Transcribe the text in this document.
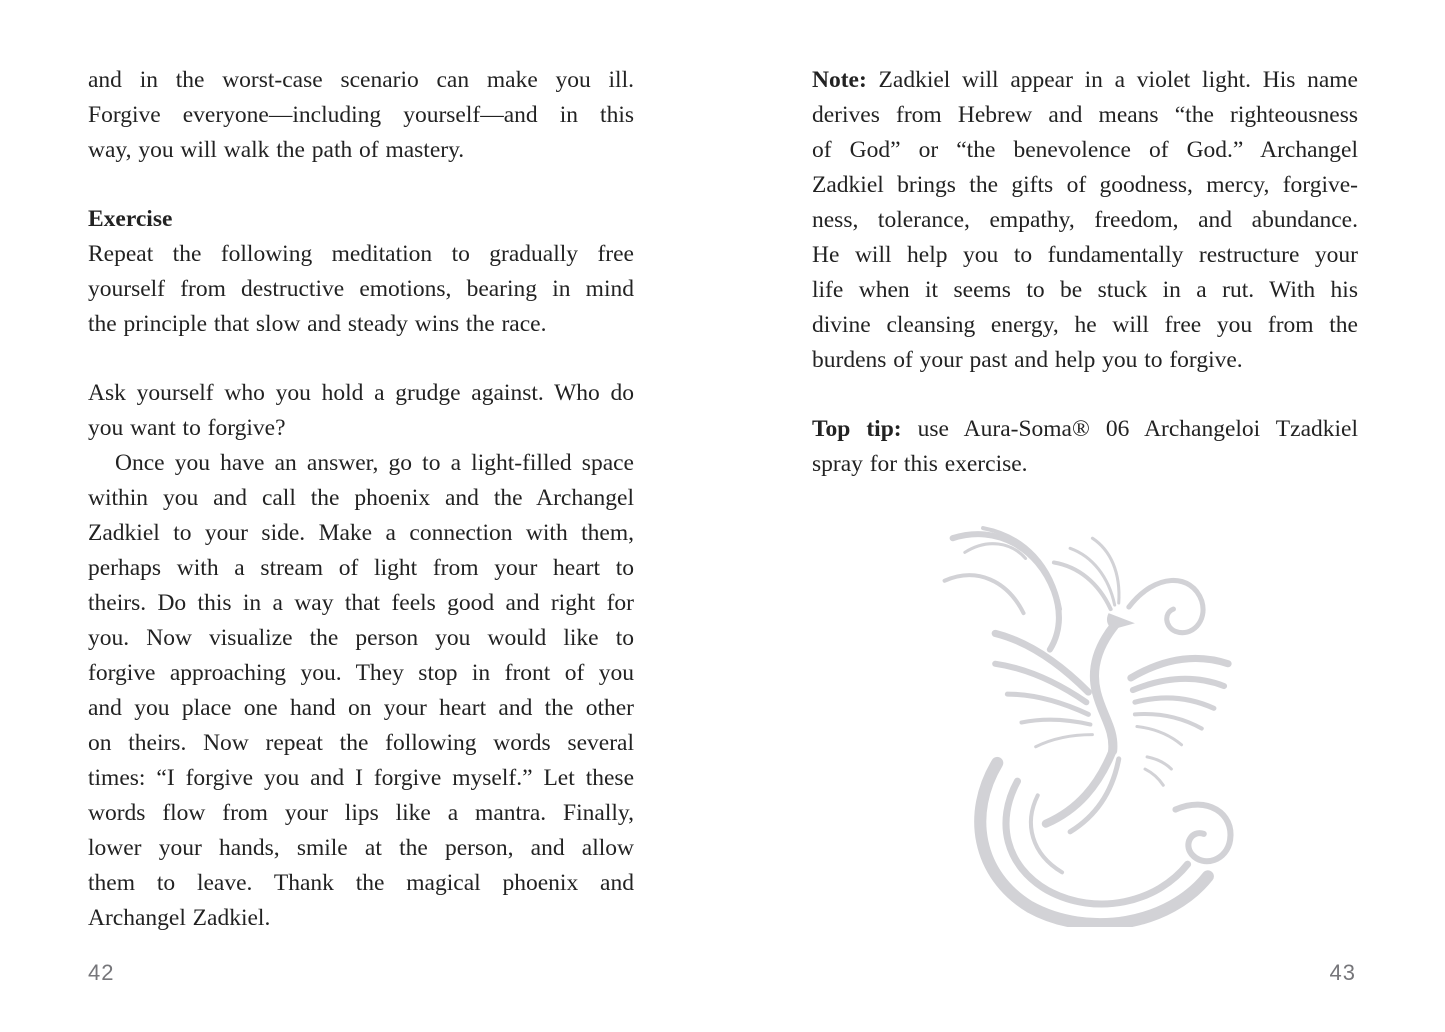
and in the worst-case scenario can make you ill.
Forgive everyone—including yourself—and in this
way, you will walk the path of mastery.
Exercise
Repeat the following meditation to gradually free
yourself from destructive emotions, bearing in mind
the principle that slow and steady wins the race.
Ask yourself who you hold a grudge against. Who do
you want to forgive?
Once you have an answer, go to a light-filled space
within you and call the phoenix and the Archangel
Zadkiel to your side. Make a connection with them,
perhaps with a stream of light from your heart to
theirs. Do this in a way that feels good and right for
you. Now visualize the person you would like to
forgive approaching you. They stop in front of you
and you place one hand on your heart and the other
on theirs. Now repeat the following words several
times: “I forgive you and I forgive myself.” Let these
words flow from your lips like a mantra. Finally,
lower your hands, smile at the person, and allow
them to leave. Thank the magical phoenix and
Archangel Zadkiel.
42
Note: Zadkiel will appear in a violet light. His name
derives from Hebrew and means “the righteousness
of God” or “the benevolence of God.” Archangel
Zadkiel brings the gifts of goodness, mercy, forgive-
ness, tolerance, empathy, freedom, and abundance.
He will help you to fundamentally restructure your
life when it seems to be stuck in a rut. With his
divine cleansing energy, he will free you from the
burdens of your past and help you to forgive.
Top tip: use Aura-Soma® 06 Archangeloi Tzadkiel
spray for this exercise.
43
